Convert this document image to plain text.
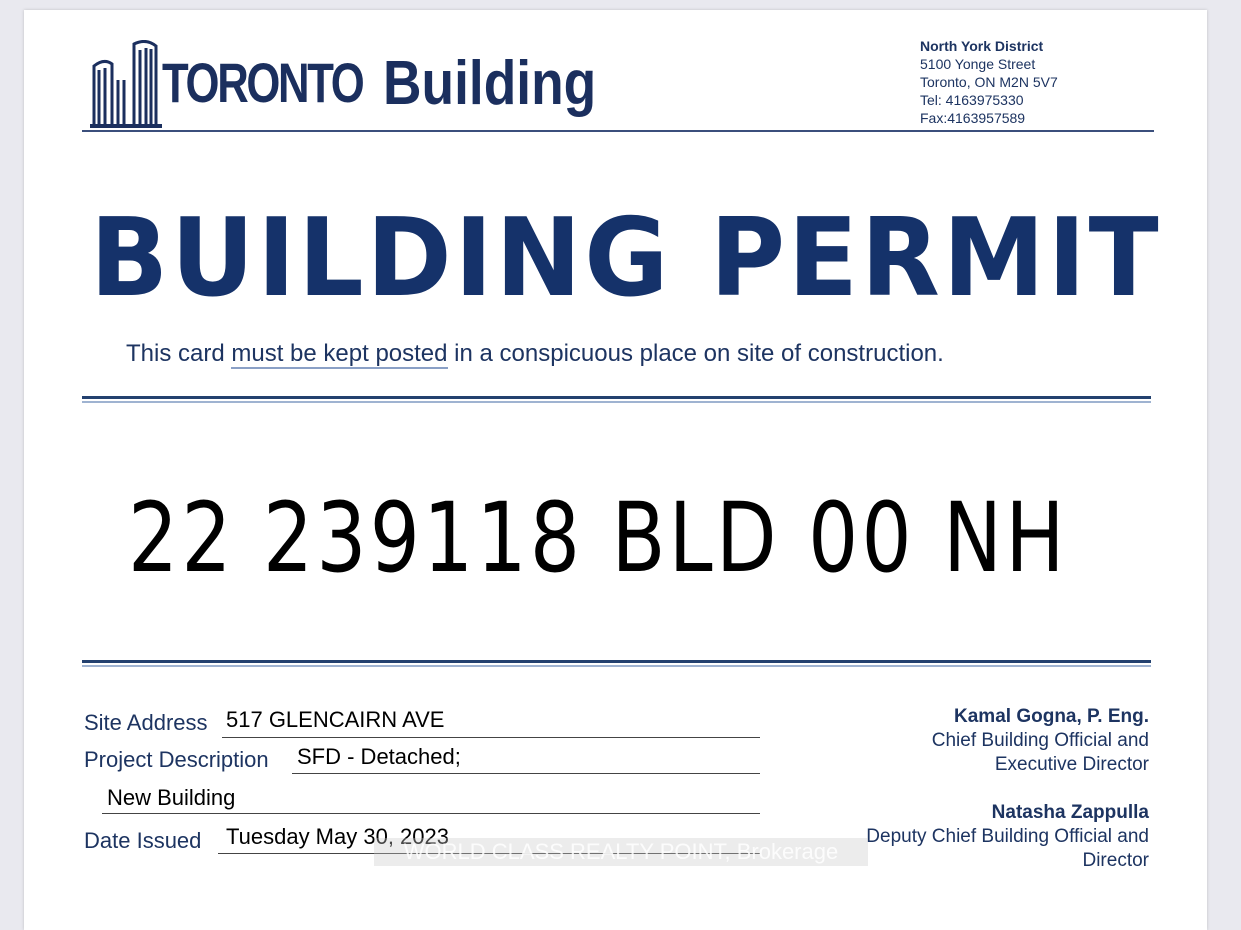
TORONTO Building
North York District
5100 Yonge Street
Toronto, ON M2N 5V7
Tel: 4163975330
Fax:4163957589
BUILDING PERMIT
This card must be kept posted in a conspicuous place on site of construction.
22 239118 BLD 00 NH
Site Address 517 GLENCAIRN AVE
Project Description SFD - Detached;
New Building
Date Issued Tuesday May 30, 2023
Kamal Gogna, P. Eng.
Chief Building Official and
Executive Director
Natasha Zappulla
Deputy Chief Building Official and
Director
WORLD CLASS REALTY POINT, Brokerage
